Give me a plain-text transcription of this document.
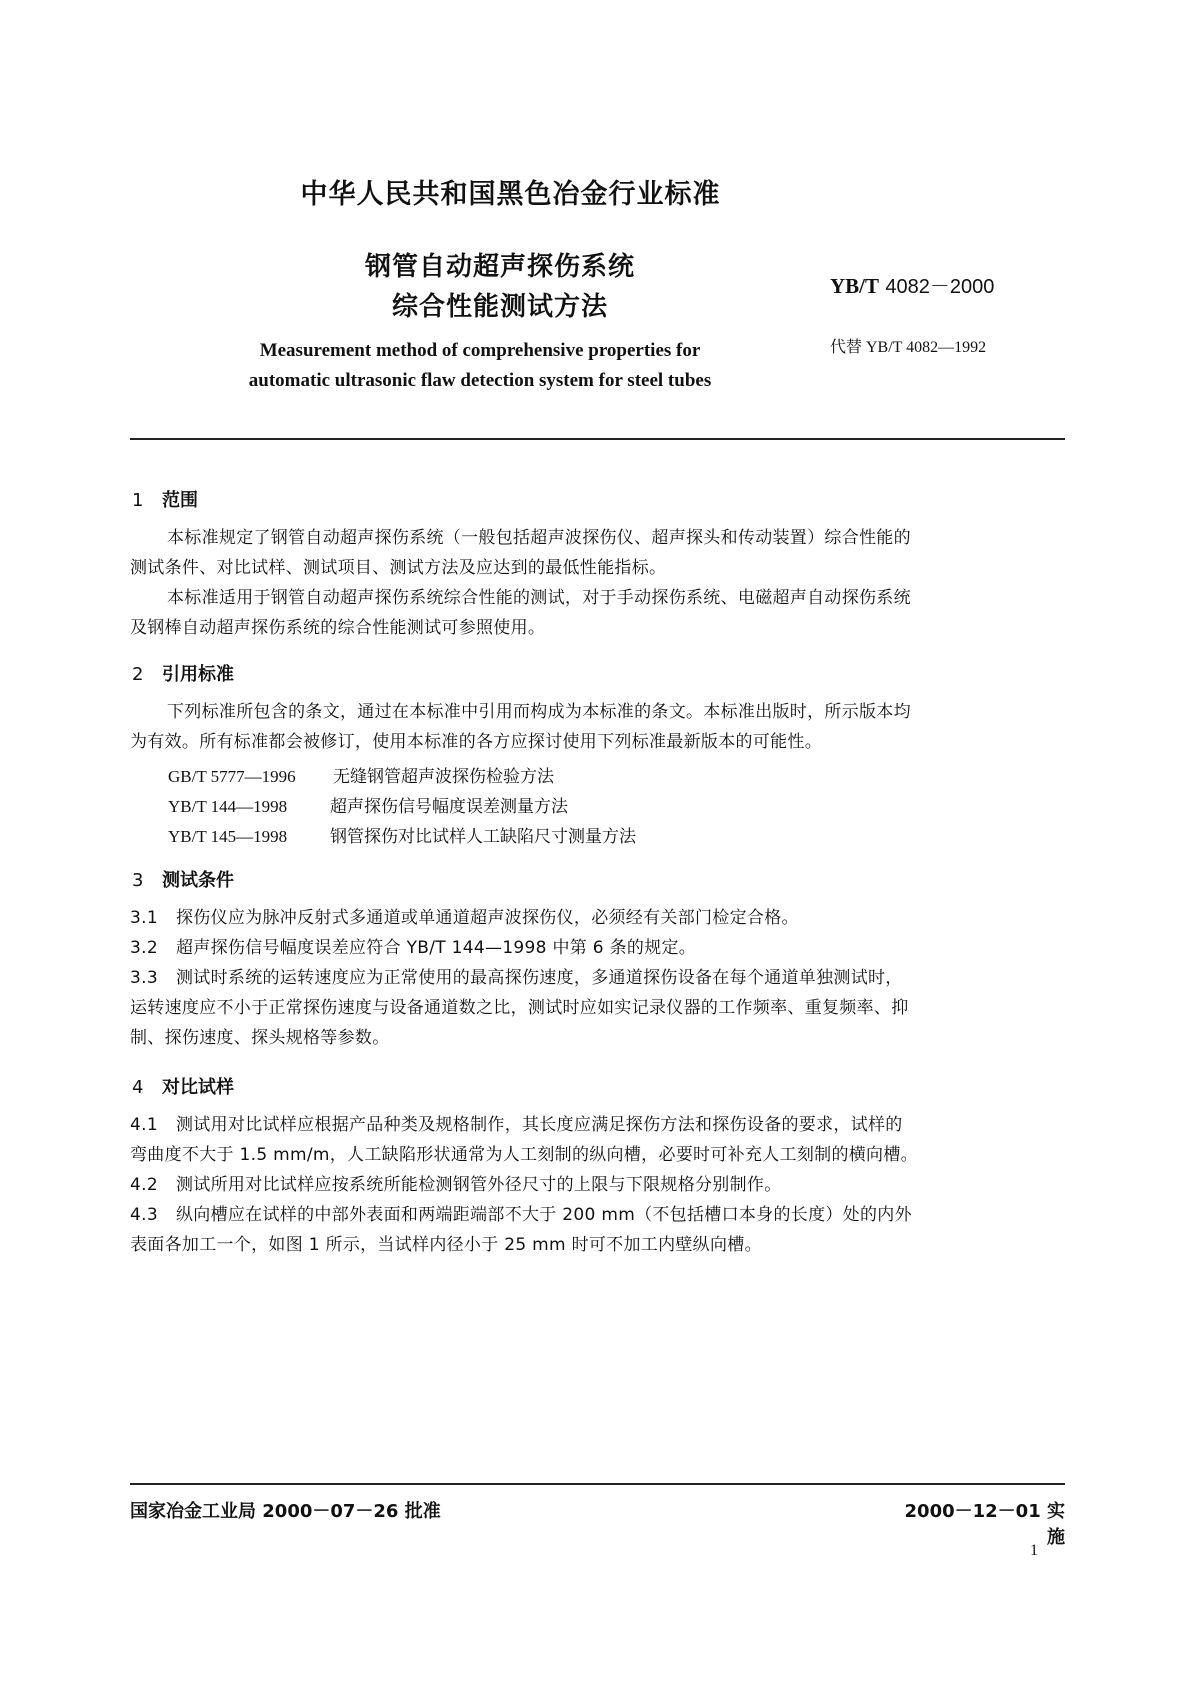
中华人民共和国黑色冶金行业标准
钢管自动超声探伤系统
综合性能测试方法
YB/T 4082－2000
代替 YB/T 4082—1992
Measurement method of comprehensive properties for
automatic ultrasonic flaw detection system for steel tubes
1 范围
本标准规定了钢管自动超声探伤系统（一般包括超声波探伤仪、超声探头和传动装置）综合性能的
测试条件、对比试样、测试项目、测试方法及应达到的最低性能指标。
本标准适用于钢管自动超声探伤系统综合性能的测试，对于手动探伤系统、电磁超声自动探伤系统
及钢棒自动超声探伤系统的综合性能测试可参照使用。
2 引用标准
下列标准所包含的条文，通过在本标准中引用而构成为本标准的条文。本标准出版时，所示版本均
为有效。所有标准都会被修订，使用本标准的各方应探讨使用下列标准最新版本的可能性。
GB/T 5777—1996 无缝钢管超声波探伤检验方法
YB/T 144—1998	超声探伤信号幅度误差测量方法
YB/T 145—1998	钢管探伤对比试样人工缺陷尺寸测量方法
3 测试条件
3.1 探伤仪应为脉冲反射式多通道或单通道超声波探伤仪，必须经有关部门检定合格。
3.2 超声探伤信号幅度误差应符合 YB/T 144—1998 中第 6 条的规定。
3.3 测试时系统的运转速度应为正常使用的最高探伤速度，多通道探伤设备在每个通道单独测试时，
运转速度应不小于正常探伤速度与设备通道数之比，测试时应如实记录仪器的工作频率、重复频率、抑
制、探伤速度、探头规格等参数。
4 对比试样
4.1 测试用对比试样应根据产品种类及规格制作，其长度应满足探伤方法和探伤设备的要求，试样的
弯曲度不大于 1.5 mm/m，人工缺陷形状通常为人工刻制的纵向槽，必要时可补充人工刻制的横向槽。
4.2 测试所用对比试样应按系统所能检测钢管外径尺寸的上限与下限规格分别制作。
4.3 纵向槽应在试样的中部外表面和两端距端部不大于 200 mm（不包括槽口本身的长度）处的内外
表面各加工一个，如图 1 所示，当试样内径小于 25 mm 时可不加工内壁纵向槽。
国家冶金工业局 2000－07－26 批准	2000－12－01 实施
1
